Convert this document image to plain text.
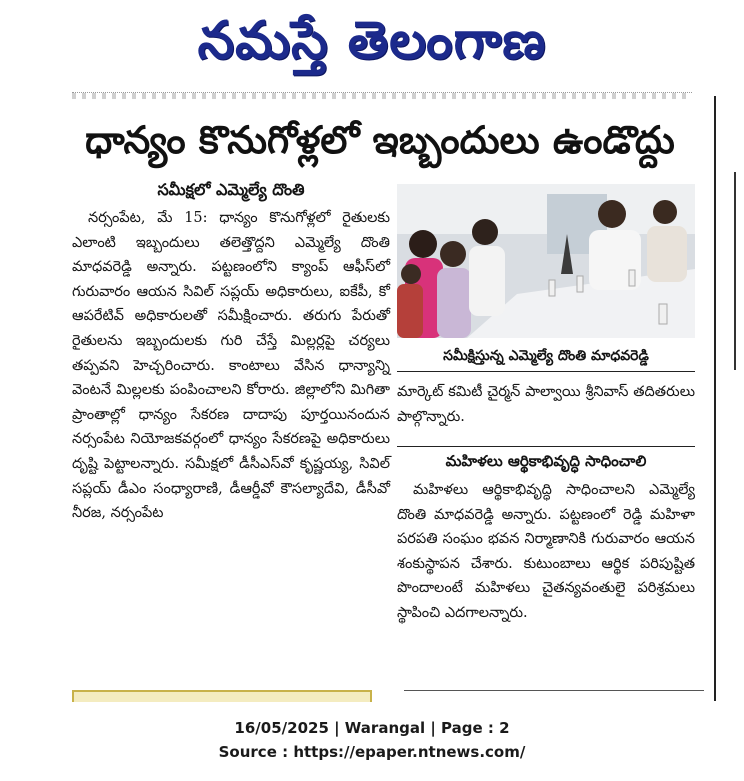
నమస్తే తెలంగాణ
ధాన్యం కొనుగోళ్లలో ఇబ్బందులు ఉండొద్దు
సమీక్షలో ఎమ్మెల్యే దొంతి

నర్సంపేట, మే 15: ధాన్యం కొనుగోళ్లలో రైతులకు ఎలాంటి ఇబ్బందులు తలెత్తొద్దని ఎమ్మెల్యే దొంతి మాధవరెడ్డి అన్నారు. పట్టణంలోని క్యాంప్ ఆఫీస్‌లో గురువారం ఆయన సివిల్ సప్లయ్ అధికారులు, ఐకేపీ, కో ఆపరేటివ్ అధికారులతో సమీక్షించారు. తరుగు పేరుతో రైతులను ఇబ్బందులకు గురి చేస్తే మిల్లర్లపై చర్యలు తప్పవని హెచ్చరించారు. కాంటాలు వేసిన ధాన్యాన్ని వెంటనే మిల్లలకు పంపించాలని కోరారు. జిల్లాలోని మిగితా ప్రాంతాల్లో ధాన్యం సేకరణ దాదాపు పూర్తయినందున నర్సంపేట నియోజకవర్గంలో ధాన్యం సేకరణపై అధికారులు దృష్టి పెట్టాలన్నారు. సమీక్షలో డీసీఎస్‌వో కృష్ణయ్య, సివిల్ సప్లయ్ డీఎం సంధ్యారాణి, డీఆర్డీవో కౌసల్యాదేవి, డీసీవో నీరజ, నర్సంపేట

సమీక్షిస్తున్న ఎమ్మెల్యే దొంతి మాధవరెడ్డి

మార్కెట్ కమిటీ చైర్మన్ పాల్వాయి శ్రీనివాస్ తదితరులు పాల్గొన్నారు.

మహిళలు ఆర్థికాభివృద్ధి సాధించాలి

మహిళలు ఆర్థికాభివృద్ధి సాధించాలని ఎమ్మెల్యే దొంతి మాధవరెడ్డి అన్నారు. పట్టణంలో రెడ్డి మహిళా పరపతి సంఘం భవన నిర్మాణానికి గురువారం ఆయన శంకుస్థాపన చేశారు. కుటుంబాలు ఆర్థిక పరిపుష్టిత పొందాలంటే మహిళలు చైతన్యవంతులై పరిశ్రమలు స్థాపించి ఎదగాలన్నారు.

16/05/2025 | Warangal | Page : 2
Source : https://epaper.ntnews.com/
